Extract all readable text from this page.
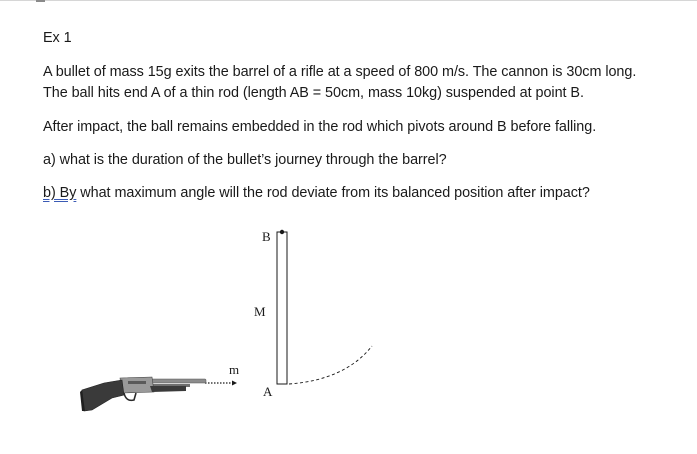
Ex 1
A bullet of mass 15g exits the barrel of a rifle at a speed of 800 m/s. The cannon is 30cm long.
The ball hits end A of a thin rod (length AB = 50cm, mass 10kg) suspended at point B.
After impact, the ball remains embedded in the rod which pivots around B before falling.
a) what is the duration of the bullet’s journey through the barrel?
b) By what maximum angle will the rod deviate from its balanced position after impact?
B
M
A
m
